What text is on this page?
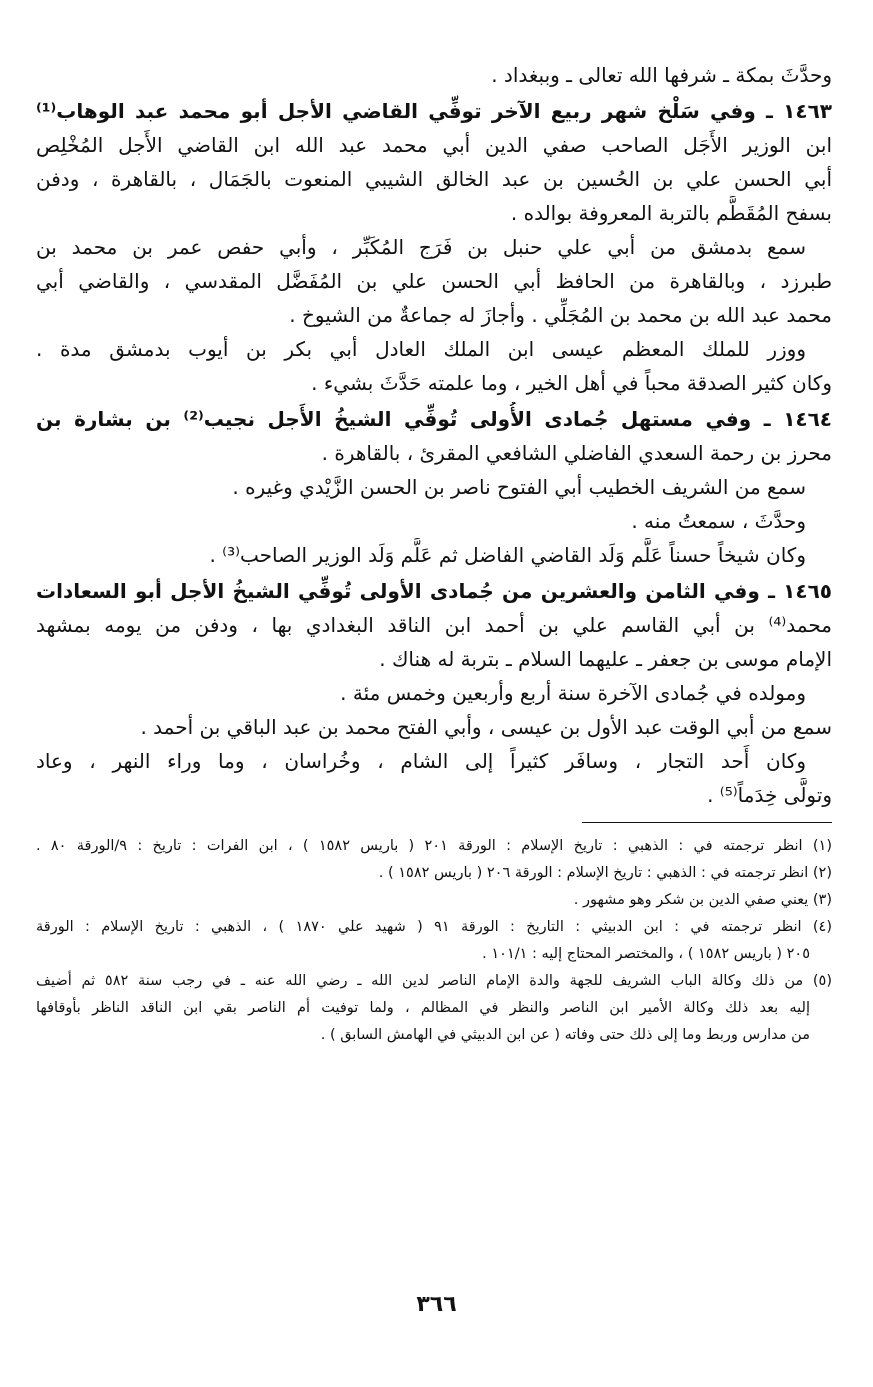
وحدَّثَ بمكة ـ شرفها الله تعالى ـ وببغداد .
١٤٦٣ ـ وفي سَلْخ شهر ربيع الآخر توفِّي القاضي الأجل أبو محمد عبد الوهاب⁽¹⁾
ابن الوزير الأَجَل الصاحب صفي الدين أبي محمد عبد الله ابن القاضي الأَجل المُخْلِص
أبي الحسن علي بن الحُسين بن عبد الخالق الشيبي المنعوت بالجَمَال ، بالقاهرة ، ودفن
بسفح المُقَطَّم بالتربة المعروفة بوالده .
سمع بدمشق من أبي علي حنبل بن فَرَج المُكَبِّر ، وأبي حفص عمر بن محمد بن
طبرزد ، وبالقاهرة من الحافظ أبي الحسن علي بن المُفَضَّل المقدسي ، والقاضي أبي
محمد عبد الله بن محمد بن المُجَلِّي . وأجازَ له جماعةٌ من الشيوخ .
ووزر للملك المعظم عيسى ابن الملك العادل أبي بكر بن أيوب بدمشق مدة .
وكان كثير الصدقة محباً في أهل الخير ، وما علمته حَدَّثَ بشيء .
١٤٦٤ ـ وفي مستهل جُمادى الأُولى تُوفِّي الشيخُ الأَجل نجيب⁽²⁾ بن بشارة بن
محرز بن رحمة السعدي الفاضلي الشافعي المقرئ ، بالقاهرة .
سمع من الشريف الخطيب أبي الفتوح ناصر بن الحسن الزَّيْدي وغيره .
وحدَّثَ ، سمعتُ منه .
وكان شيخاً حسناً عَلَّم وَلَد القاضي الفاضل ثم عَلَّم وَلَد الوزير الصاحب⁽³⁾ .
١٤٦٥ ـ وفي الثامن والعشرين من جُمادى الأولى تُوفِّي الشيخُ الأجل أبو السعادات
محمد⁽⁴⁾ بن أبي القاسم علي بن أحمد ابن الناقد البغدادي بها ، ودفن من يومه بمشهد
الإمام موسى بن جعفر ـ عليهما السلام ـ بتربة له هناك .
ومولده في جُمادى الآخرة سنة أربع وأربعين وخمس مئة .
سمع من أبي الوقت عبد الأول بن عيسى ، وأبي الفتح محمد بن عبد الباقي بن أحمد .
وكان أَحد التجار ، وسافَر كثيراً إلى الشام ، وخُراسان ، وما وراء النهر ، وعاد
وتولَّى خِدَماً⁽⁵⁾ .
(١) انظر ترجمته في : الذهبي : تاريخ الإسلام : الورقة ٢٠١ ( باريس ١٥٨٢ ) ، ابن الفرات : تاريخ : ٩/الورقة ٨٠ .
(٢) انظر ترجمته في : الذهبي : تاريخ الإسلام : الورقة ٢٠٦ ( باريس ١٥٨٢ ) .
(٣) يعني صفي الدين بن شكر وهو مشهور .
(٤) انظر ترجمته في : ابن الدبيثي : التاريخ : الورقة ٩١ ( شهيد علي ١٨٧٠ ) ، الذهبي : تاريخ الإسلام : الورقة
٢٠٥ ( باريس ١٥٨٢ ) ، والمختصر المحتاج إليه : ١٠١/١ .
(٥) من ذلك وكالة الباب الشريف للجهة والدة الإمام الناصر لدين الله ـ رضي الله عنه ـ في رجب سنة ٥٨٢ ثم أضيف
إليه بعد ذلك وكالة الأمير ابن الناصر والنظر في المظالم ، ولما توفيت أم الناصر بقي ابن الناقد الناظر بأوقافها
من مدارس وربط وما إلى ذلك حتى وفاته ( عن ابن الدبيثي في الهامش السابق ) .
٣٦٦
